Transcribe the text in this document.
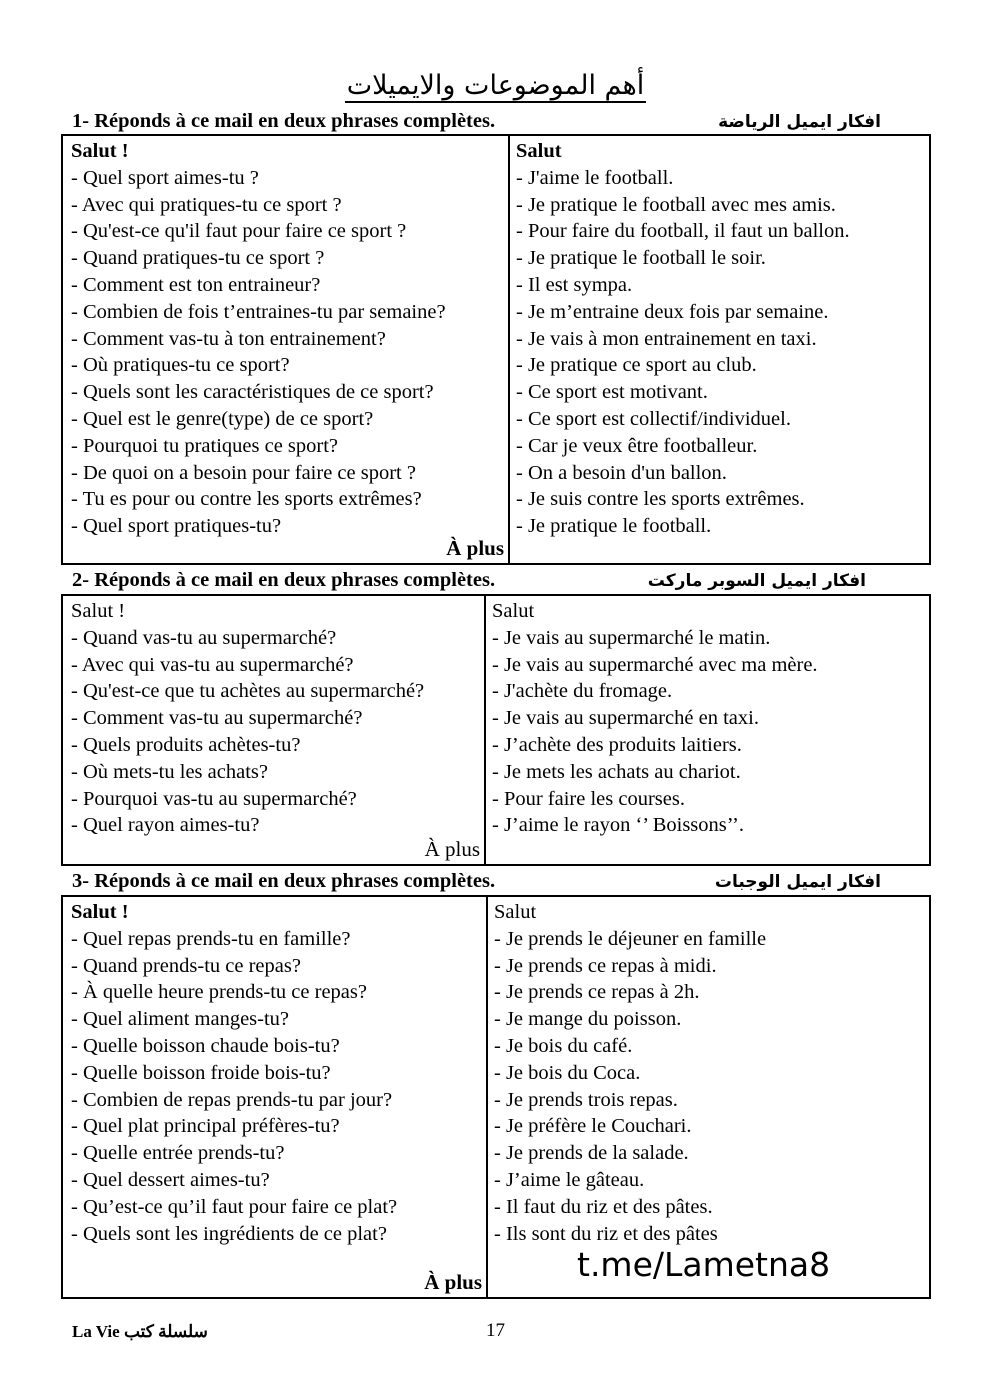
أهم الموضوعات والايميلات
1- Réponds à ce mail en deux phrases complètes.	افكار ايميل الرياضة
Salut !
- Quel sport aimes-tu ?
- Avec qui pratiques-tu ce sport ?
- Qu'est-ce qu'il faut pour faire ce sport ?
- Quand pratiques-tu ce sport ?
- Comment est ton entraineur?
- Combien de fois t’entraines-tu par semaine?
- Comment vas-tu à ton entrainement?
- Où pratiques-tu ce sport?
- Quels sont les caractéristiques de ce sport?
- Quel est le genre(type) de ce sport?
- Pourquoi tu pratiques ce sport?
- De quoi on a besoin pour faire ce sport ?
- Tu es pour ou contre les sports extrêmes?
- Quel sport pratiques-tu?
À plus
Salut
- J'aime le football.
- Je pratique le football avec mes amis.
- Pour faire du football, il faut un ballon.
- Je pratique le football le soir.
- Il est sympa.
- Je m’entraine deux fois par semaine.
- Je vais à mon entrainement en taxi.
- Je pratique ce sport au club.
- Ce sport est motivant.
- Ce sport est collectif/individuel.
- Car je veux être footballeur.
- On a besoin d'un ballon.
- Je suis contre les sports extrêmes.
- Je pratique le football.
2- Réponds à ce mail en deux phrases complètes.	افكار ايميل السوبر ماركت
Salut !
- Quand vas-tu au supermarché?
- Avec qui vas-tu au supermarché?
- Qu'est-ce que tu achètes au supermarché?
- Comment vas-tu au supermarché?
- Quels produits achètes-tu?
- Où mets-tu les achats?
- Pourquoi vas-tu au supermarché?
- Quel rayon aimes-tu?
À plus
Salut
- Je vais au supermarché le matin.
- Je vais au supermarché avec ma mère.
- J'achète du fromage.
- Je vais au supermarché en taxi.
- J’achète des produits laitiers.
- Je mets les achats au chariot.
- Pour faire les courses.
- J’aime le rayon ‘’ Boissons’’.
3- Réponds à ce mail en deux phrases complètes.	افكار ايميل الوجبات
Salut !
- Quel repas prends-tu en famille?
- Quand prends-tu ce repas?
- À quelle heure prends-tu ce repas?
- Quel aliment manges-tu?
- Quelle boisson chaude bois-tu?
- Quelle boisson froide bois-tu?
- Combien de repas prends-tu par jour?
- Quel plat principal préfères-tu?
- Quelle entrée prends-tu?
- Quel dessert aimes-tu?
- Qu’est-ce qu’il faut pour faire ce plat?
- Quels sont les ingrédients de ce plat?
À plus
Salut
- Je prends le déjeuner en famille
- Je prends ce repas à midi.
- Je prends ce repas à 2h.
- Je mange du poisson.
- Je bois du café.
- Je bois du Coca.
- Je prends trois repas.
- Je préfère le Couchari.
- Je prends de la salade.
- J’aime le gâteau.
- Il faut du riz et des pâtes.
- Ils sont du riz et des pâtes
t.me/Lametna8
La Vie سلسلة كتب	17
